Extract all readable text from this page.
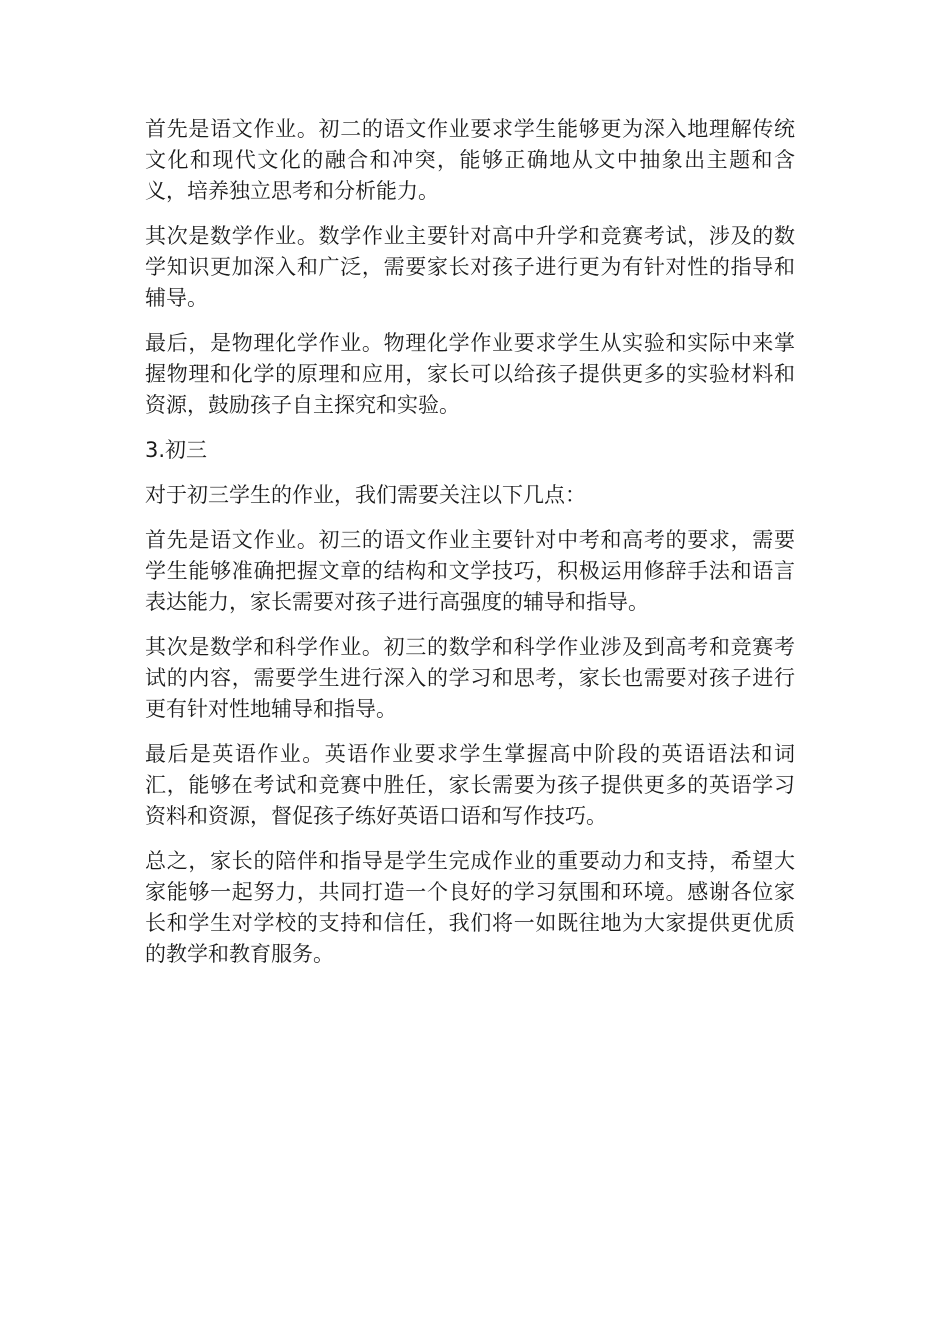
首先是语文作业。初二的语文作业要求学生能够更为深入地理解传统文化和现代文化的融合和冲突，能够正确地从文中抽象出主题和含义，培养独立思考和分析能力。

其次是数学作业。数学作业主要针对高中升学和竞赛考试，涉及的数学知识更加深入和广泛，需要家长对孩子进行更为有针对性的指导和辅导。

最后，是物理化学作业。物理化学作业要求学生从实验和实际中来掌握物理和化学的原理和应用，家长可以给孩子提供更多的实验材料和资源，鼓励孩子自主探究和实验。

3.初三

对于初三学生的作业，我们需要关注以下几点：

首先是语文作业。初三的语文作业主要针对中考和高考的要求，需要学生能够准确把握文章的结构和文学技巧，积极运用修辞手法和语言表达能力，家长需要对孩子进行高强度的辅导和指导。

其次是数学和科学作业。初三的数学和科学作业涉及到高考和竞赛考试的内容，需要学生进行深入的学习和思考，家长也需要对孩子进行更有针对性地辅导和指导。

最后是英语作业。英语作业要求学生掌握高中阶段的英语语法和词汇，能够在考试和竞赛中胜任，家长需要为孩子提供更多的英语学习资料和资源，督促孩子练好英语口语和写作技巧。

总之，家长的陪伴和指导是学生完成作业的重要动力和支持，希望大家能够一起努力，共同打造一个良好的学习氛围和环境。感谢各位家长和学生对学校的支持和信任，我们将一如既往地为大家提供更优质的教学和教育服务。
